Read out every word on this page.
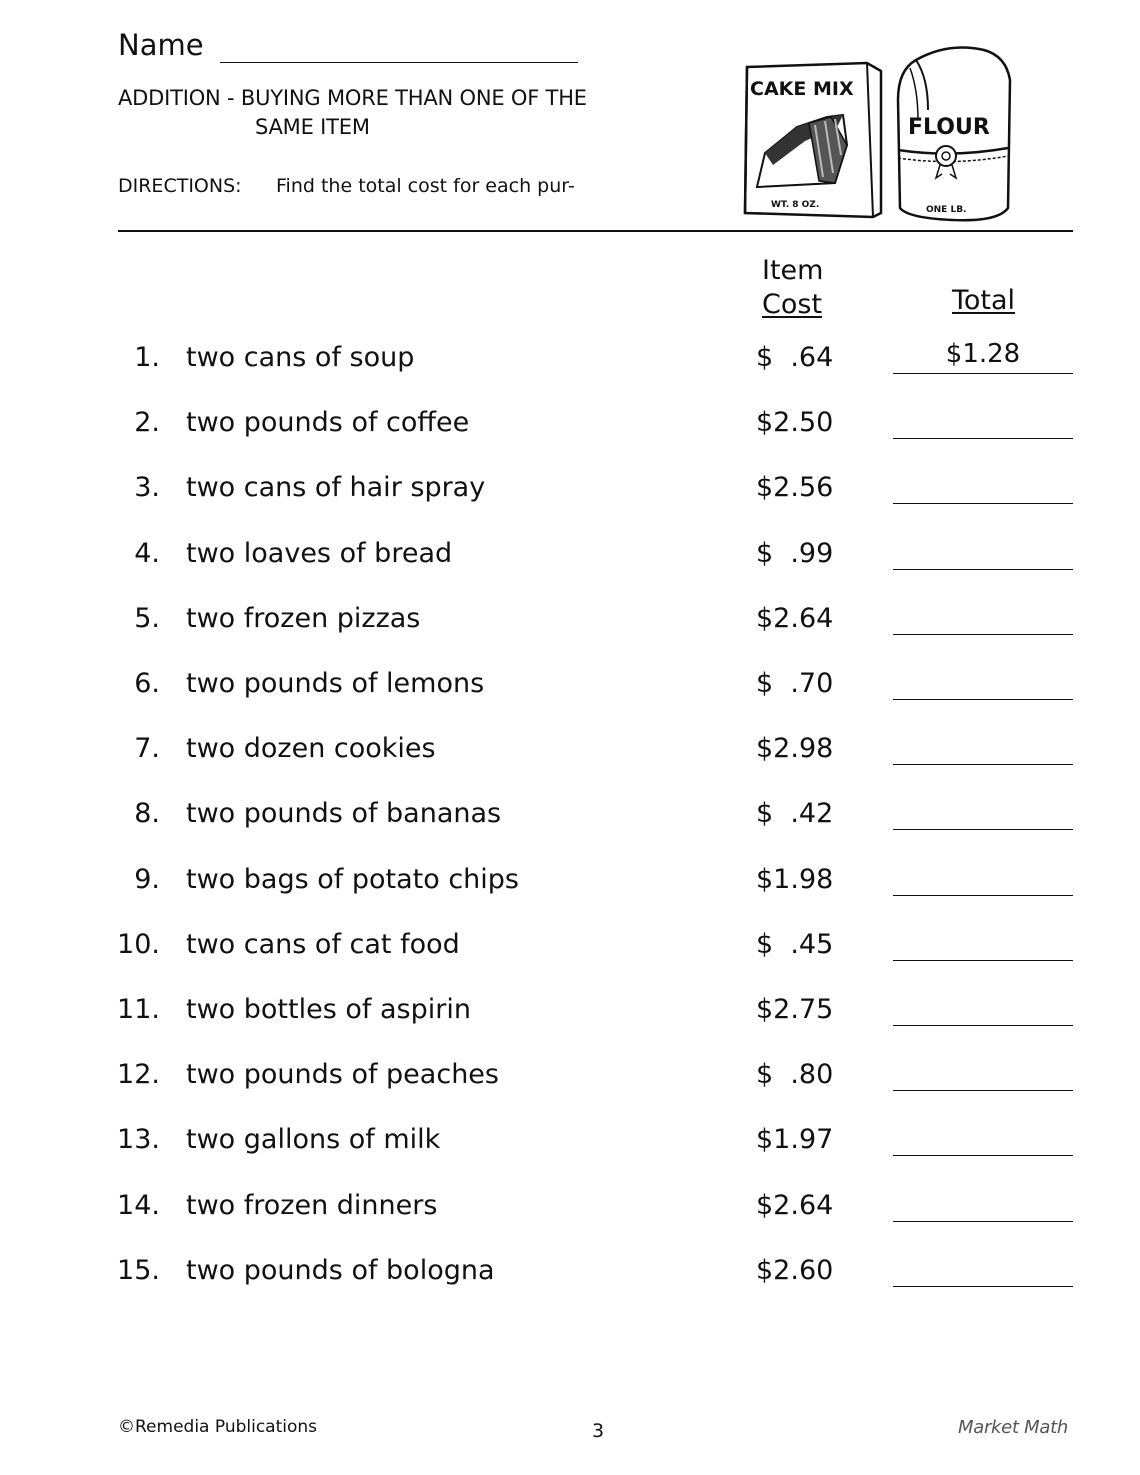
Name
ADDITION - BUYING MORE THAN ONE OF THE
SAME ITEM
DIRECTIONS: Find the total cost for each pur-
CAKE MIX
WT. 8 OZ.
FLOUR
ONE LB.
Item
Cost	Total
1. two cans of soup	$  .64	$1.28
2. two pounds of coffee	$2.50
3. two cans of hair spray	$2.56
4. two loaves of bread	$  .99
5. two frozen pizzas	$2.64
6. two pounds of lemons	$  .70
7. two dozen cookies	$2.98
8. two pounds of bananas	$  .42
9. two bags of potato chips	$1.98
10. two cans of cat food	$  .45
11. two bottles of aspirin	$2.75
12. two pounds of peaches	$  .80
13. two gallons of milk	$1.97
14. two frozen dinners	$2.64
15. two pounds of bologna	$2.60
©Remedia Publications	3	Market Math
